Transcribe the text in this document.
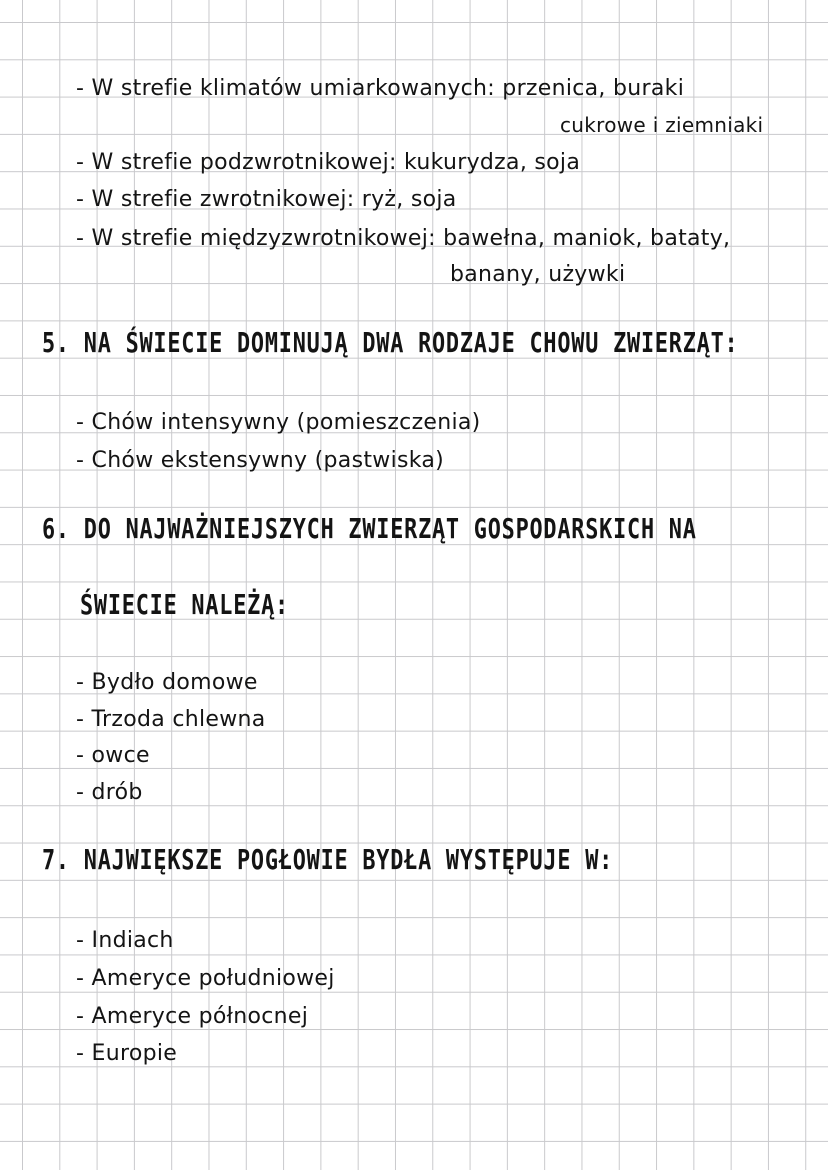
- W strefie klimatów umiarkowanych: przenica, buraki
cukrowe i ziemniaki
- W strefie podzwrotnikowej: kukurydza, soja
- W strefie zwrotnikowej: ryż, soja
- W strefie międzyzwrotnikowej: bawełna, maniok, bataty,
banany, używki
5. NA ŚWIECIE DOMINUJĄ DWA RODZAJE CHOWU ZWIERZĄT:
- Chów intensywny (pomieszczenia)
- Chów ekstensywny (pastwiska)
6. DO NAJWAŻNIEJSZYCH ZWIERZĄT GOSPODARSKICH NA
ŚWIECIE NALEŻĄ:
- Bydło domowe
- Trzoda chlewna
- owce
- drób
7. NAJWIĘKSZE POGŁOWIE BYDŁA WYSTĘPUJE W:
- Indiach
- Ameryce południowej
- Ameryce północnej
- Europie
